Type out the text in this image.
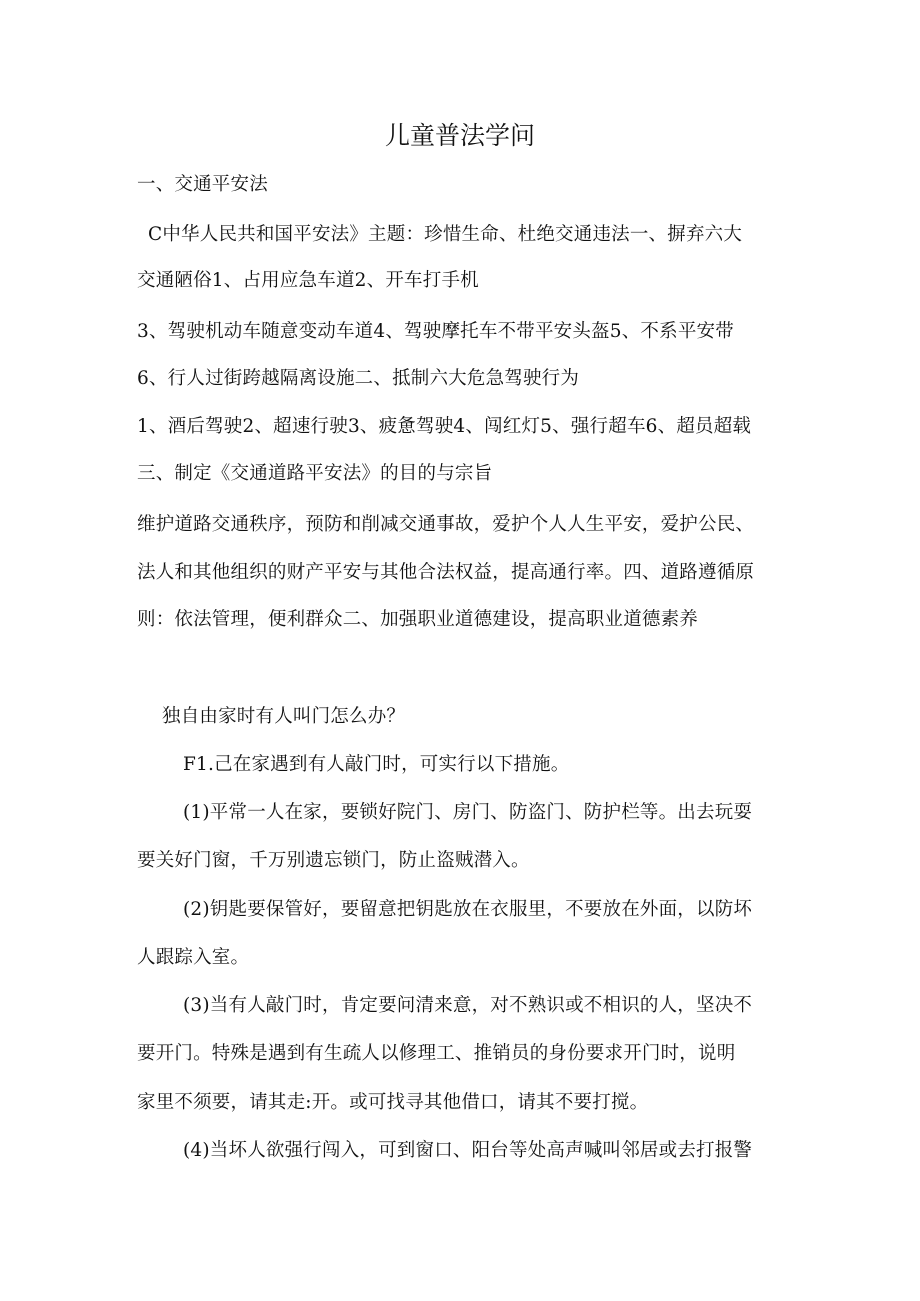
儿童普法学问
一、交通平安法
C中华人民共和国平安法》主题：珍惜生命、杜绝交通违法一、摒弃六大
交通陋俗1、占用应急车道2、开车打手机
3、驾驶机动车随意变动车道4、驾驶摩托车不带平安头盔5、不系平安带
6、行人过街跨越隔离设施二、抵制六大危急驾驶行为
1、酒后驾驶2、超速行驶3、疲惫驾驶4、闯红灯5、强行超车6、超员超载
三、制定《交通道路平安法》的目的与宗旨
维护道路交通秩序，预防和削减交通事故，爱护个人人生平安，爱护公民、
法人和其他组织的财产平安与其他合法权益，提高通行率。四、道路遵循原
则：依法管理，便利群众二、加强职业道德建设，提高职业道德素养
独自由家时有人叫门怎么办？
F1.己在家遇到有人敲门时，可实行以下措施。
(1)平常一人在家，要锁好院门、房门、防盗门、防护栏等。出去玩耍
要关好门窗，千万别遗忘锁门，防止盗贼潜入。
(2)钥匙要保管好，要留意把钥匙放在衣服里，不要放在外面，以防坏
人跟踪入室。
(3)当有人敲门时，肯定要问清来意，对不熟识或不相识的人，坚决不
要开门。特殊是遇到有生疏人以修理工、推销员的身份要求开门时，说明
家里不须要，请其走:开。或可找寻其他借口，请其不要打搅。
(4)当坏人欲强行闯入，可到窗口、阳台等处高声喊叫邻居或去打报警
